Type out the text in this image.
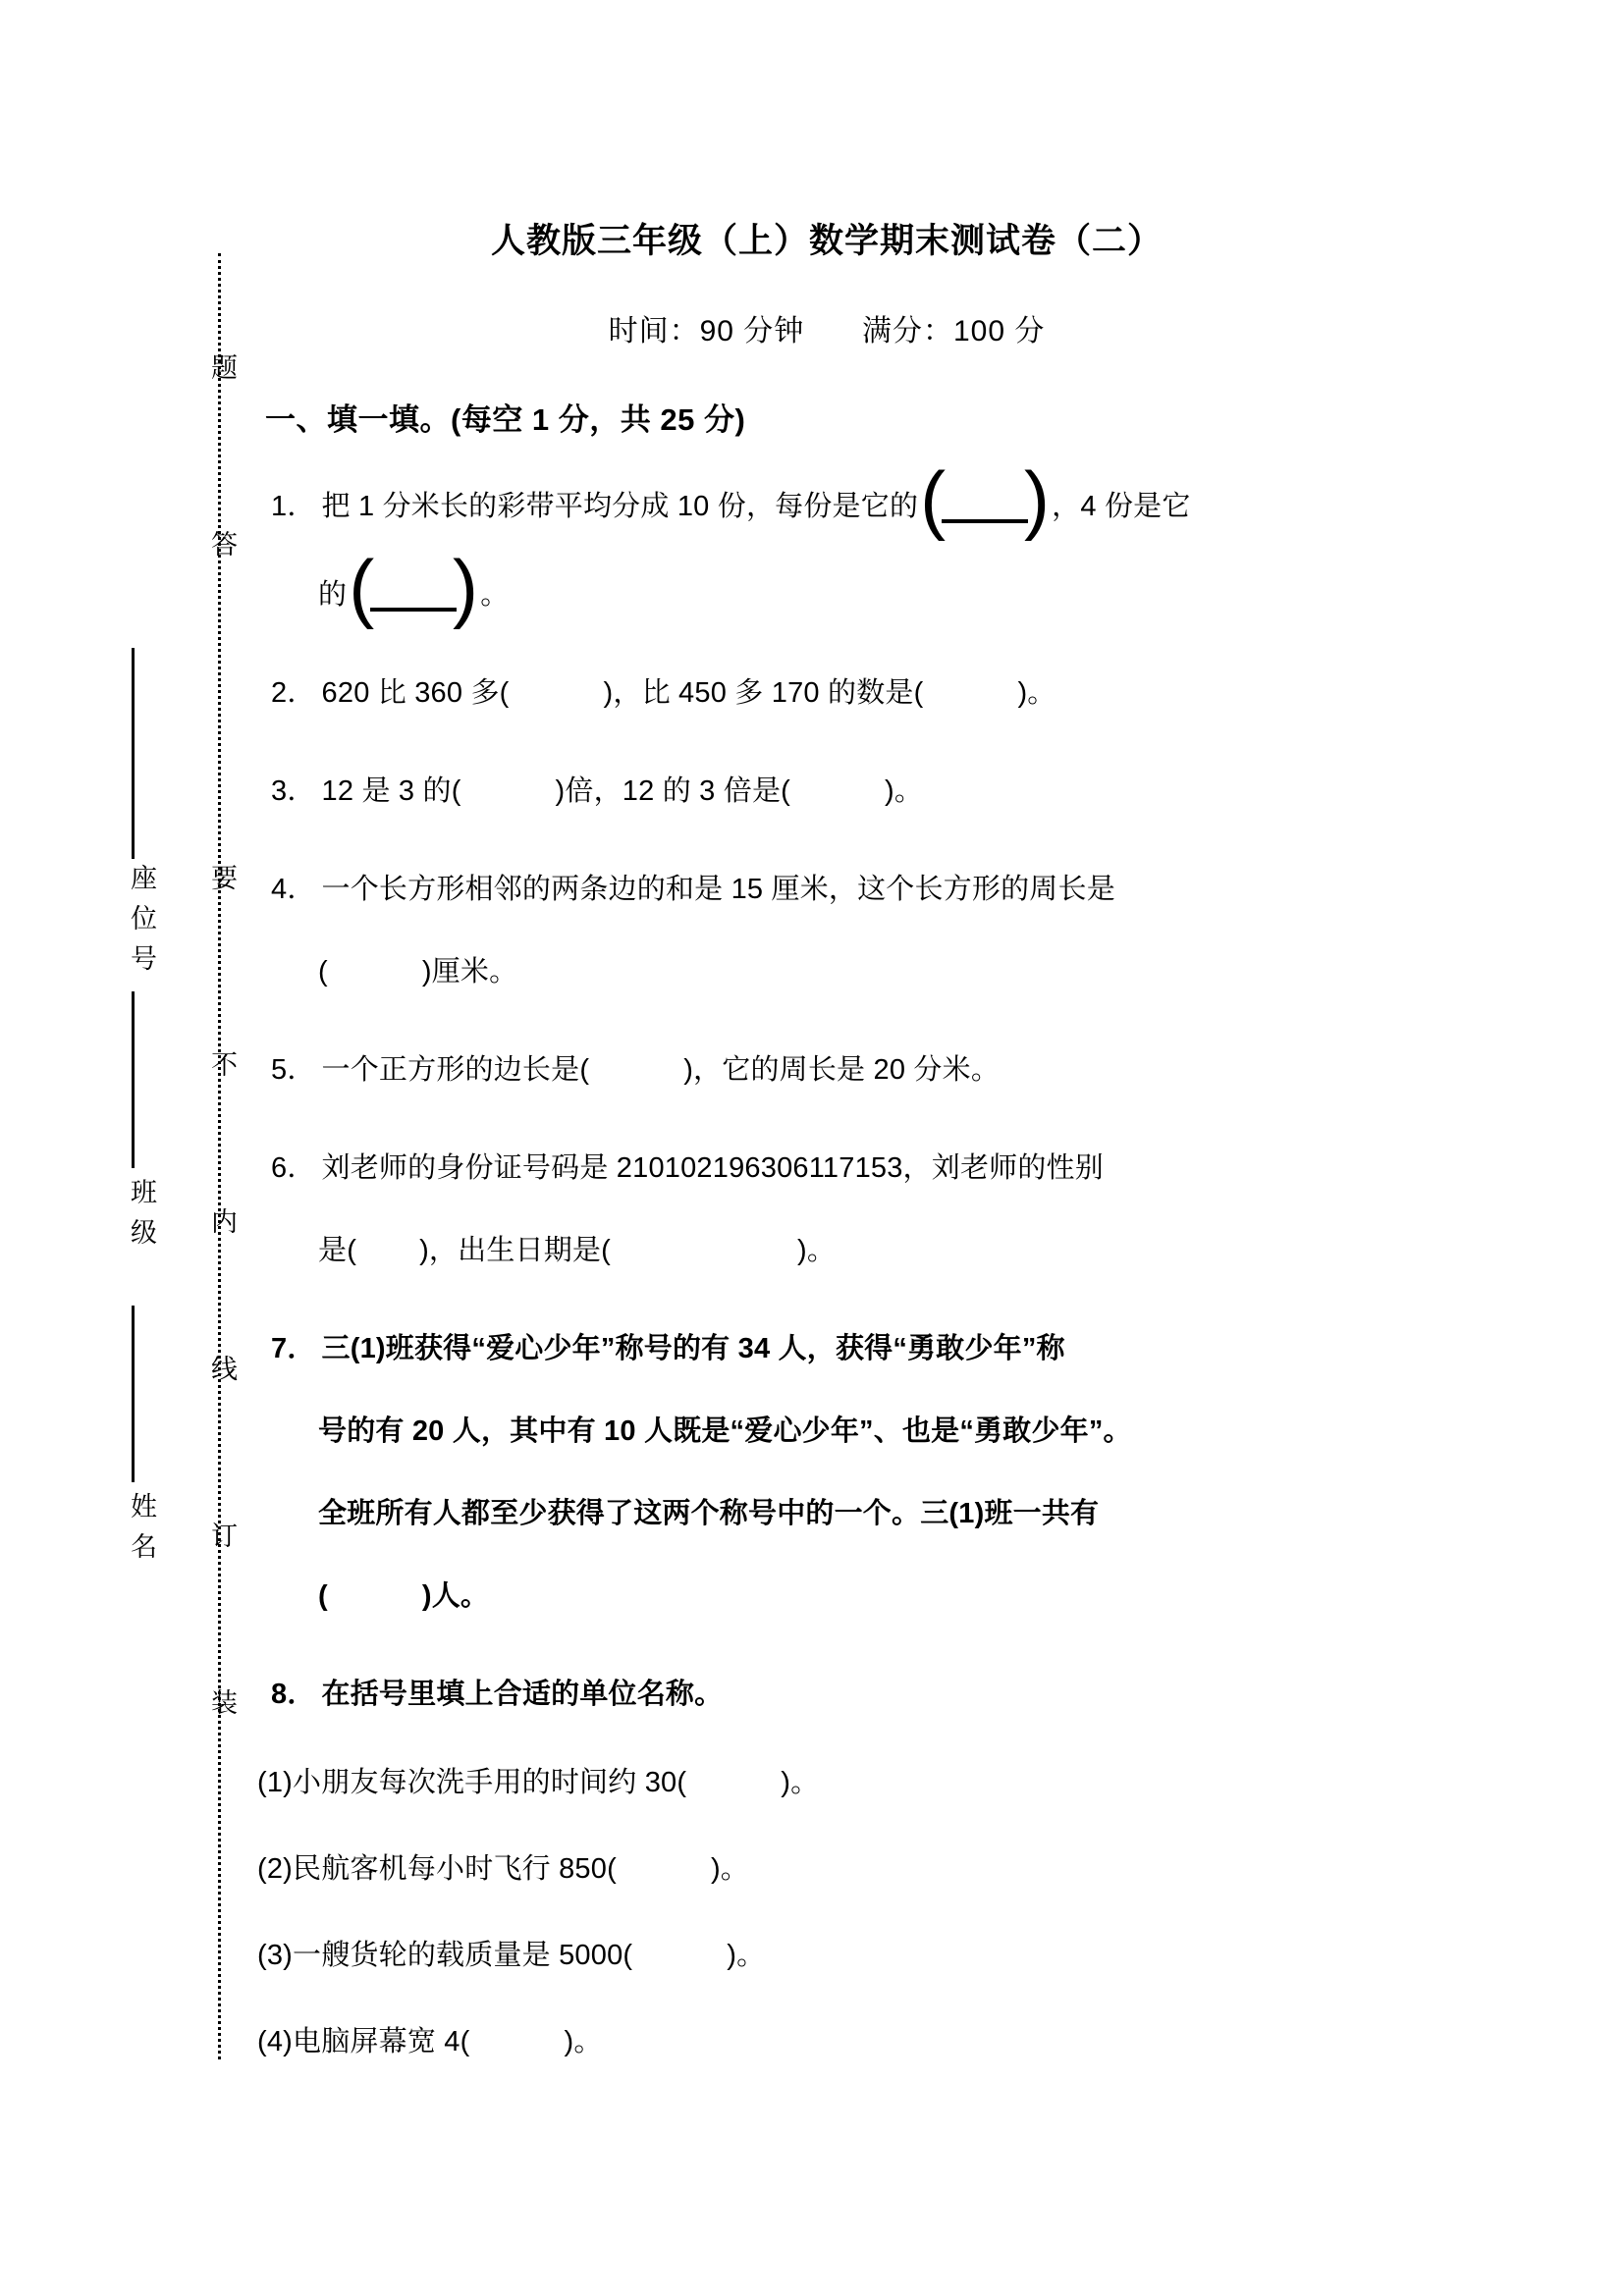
答
要
不
内
线
订
装
题
座位号
班级
姓名
人教版三年级（上）数学期末测试卷（二）
时间：90 分钟 满分：100 分
一、填一填。(每空 1 分，共 25 分)
1． 把 1 分米长的彩带平均分成 10 份，每份是它的 ( ) ，4 份是它
的 ( ) 。
2． 620 比 360 多(	)，比 450 多 170 的数是(	)。
3． 12 是 3 的(	)倍，12 的 3 倍是(	)。
4． 一个长方形相邻的两条边的和是 15 厘米，这个长方形的周长是
(	)厘米。
5． 一个正方形的边长是(	)，它的周长是 20 分米。
6． 刘老师的身份证号码是 210102196306117153，刘老师的性别
是( )，出生日期是(	)。
7． 三(1)班获得“爱心少年”称号的有 34 人，获得“勇敢少年”称
号的有 20 人，其中有 10 人既是“爱心少年”、也是“勇敢少年”。
全班所有人都至少获得了这两个称号中的一个。三(1)班一共有
(	)人。
8． 在括号里填上合适的单位名称。
(1)小朋友每次洗手用的时间约 30(	)。
(2)民航客机每小时飞行 850(	)。
(3)一艘货轮的载质量是 5000(	)。
(4)电脑屏幕宽 4(	)。
